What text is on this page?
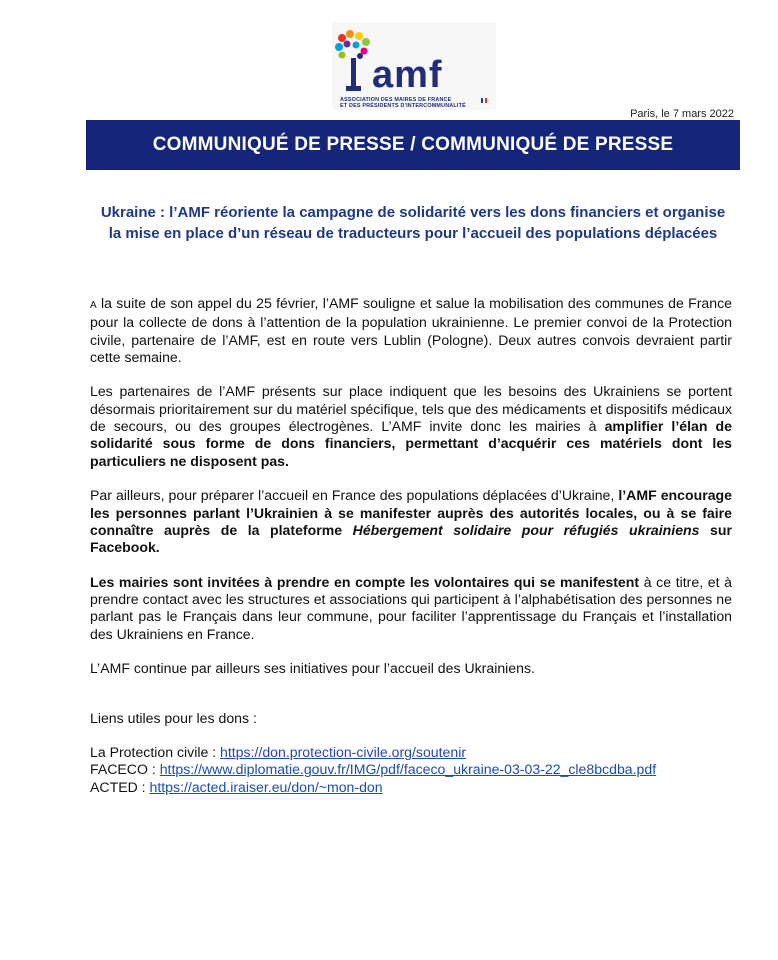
amf
ASSOCIATION DES MAIRES DE FRANCE
ET DES PRÉSIDENTS D'INTERCOMMUNALITÉ
Paris, le 7 mars 2022
COMMUNIQUÉ DE PRESSE / COMMUNIQUÉ DE PRESSE
Ukraine : l’AMF réoriente la campagne de solidarité vers les dons financiers et organise la mise en place d’un réseau de traducteurs pour l’accueil des populations déplacées

A la suite de son appel du 25 février, l’AMF souligne et salue la mobilisation des communes de France pour la collecte de dons à l’attention de la population ukrainienne. Le premier convoi de la Protection civile, partenaire de l’AMF, est en route vers Lublin (Pologne). Deux autres convois devraient partir cette semaine.

Les partenaires de l’AMF présents sur place indiquent que les besoins des Ukrainiens se portent désormais prioritairement sur du matériel spécifique, tels que des médicaments et dispositifs médicaux de secours, ou des groupes électrogènes. L’AMF invite donc les mairies à amplifier l’élan de solidarité sous forme de dons financiers, permettant d’acquérir ces matériels dont les particuliers ne disposent pas.

Par ailleurs, pour préparer l’accueil en France des populations déplacées d’Ukraine, l’AMF encourage les personnes parlant l’Ukrainien à se manifester auprès des autorités locales, ou à se faire connaître auprès de la plateforme Hébergement solidaire pour réfugiés ukrainiens sur Facebook.

Les mairies sont invitées à prendre en compte les volontaires qui se manifestent à ce titre, et à prendre contact avec les structures et associations qui participent à l’alphabétisation des personnes ne parlant pas le Français dans leur commune, pour faciliter l’apprentissage du Français et l’installation des Ukrainiens en France.

L’AMF continue par ailleurs ses initiatives pour l’accueil des Ukrainiens.

Liens utiles pour les dons :

La Protection civile : https://don.protection-civile.org/soutenir
FACECO : https://www.diplomatie.gouv.fr/IMG/pdf/faceco_ukraine-03-03-22_cle8bcdba.pdf
ACTED : https://acted.iraiser.eu/don/~mon-don
